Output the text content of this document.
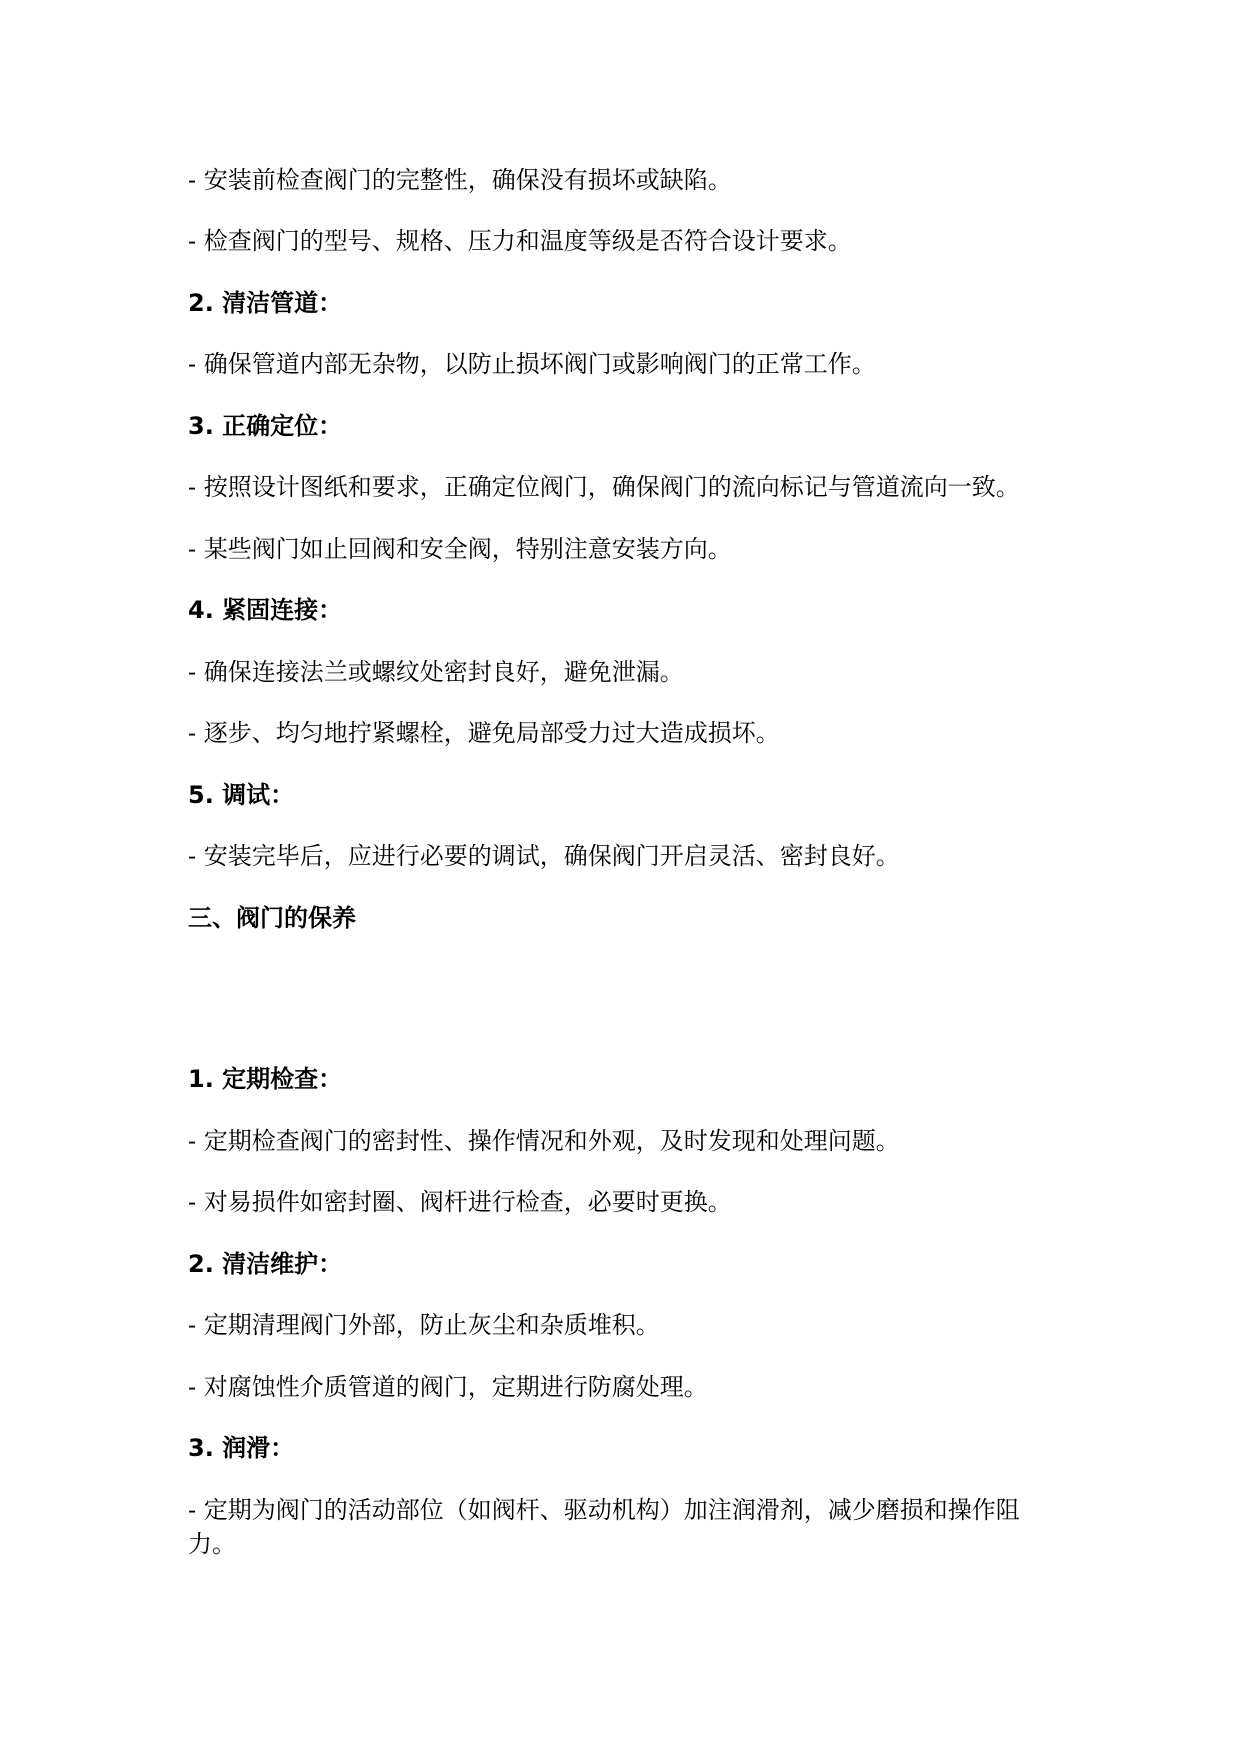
- 安装前检查阀门的完整性，确保没有损坏或缺陷。
- 检查阀门的型号、规格、压力和温度等级是否符合设计要求。
2. 清洁管道：
- 确保管道内部无杂物，以防止损坏阀门或影响阀门的正常工作。
3. 正确定位：
- 按照设计图纸和要求，正确定位阀门，确保阀门的流向标记与管道流向一致。
- 某些阀门如止回阀和安全阀，特别注意安装方向。
4. 紧固连接：
- 确保连接法兰或螺纹处密封良好，避免泄漏。
- 逐步、均匀地拧紧螺栓，避免局部受力过大造成损坏。
5. 调试：
- 安装完毕后，应进行必要的调试，确保阀门开启灵活、密封良好。
三、阀门的保养
1. 定期检查：
- 定期检查阀门的密封性、操作情况和外观，及时发现和处理问题。
- 对易损件如密封圈、阀杆进行检查，必要时更换。
2. 清洁维护：
- 定期清理阀门外部，防止灰尘和杂质堆积。
- 对腐蚀性介质管道的阀门，定期进行防腐处理。
3. 润滑：
- 定期为阀门的活动部位（如阀杆、驱动机构）加注润滑剂，减少磨损和操作阻力。
